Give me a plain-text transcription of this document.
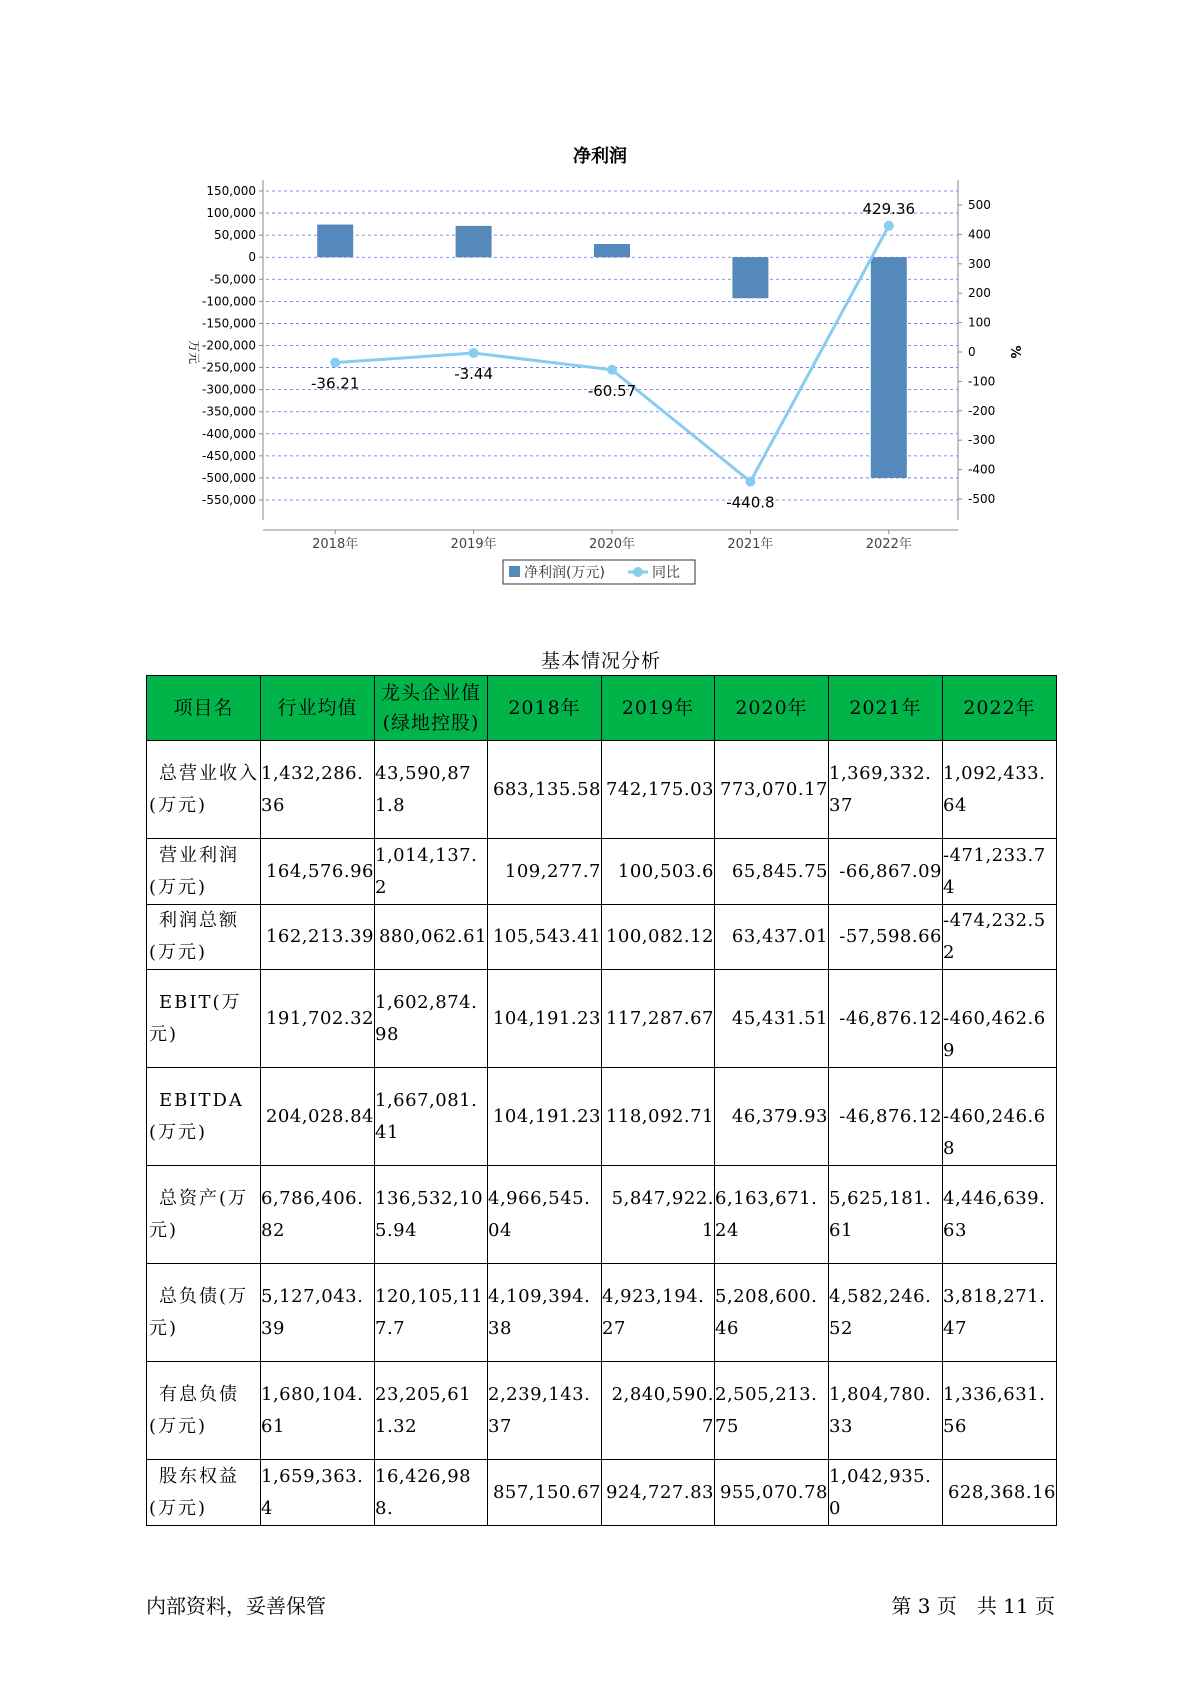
净利润
150,000
100,000
50,000
0
-50,000
-100,000
-150,000
-200,000
-250,000
-300,000
-350,000
-400,000
-450,000
-500,000
-550,000
500
400
300
200
100
0
-100
-200
-300
-400
-500
-36.21
-3.44
-60.57
-440.8
429.36
2018年	2019年	2020年	2021年	2022年
万元	%
净利润(万元)	同比
基本情况分析
项目名	行业均值	龙头企业值(绿地控股)	2018年	2019年	2020年	2021年	2022年
总营业收入(万元)	1,432,286.36	43,590,871.8	683,135.58	742,175.03	773,070.17	1,369,332.37	1,092,433.64
营业利润(万元)	164,576.96	1,014,137.2	109,277.7	100,503.6	65,845.75	-66,867.09	-471,233.74
利润总额(万元)	162,213.39	880,062.61	105,543.41	100,082.12	63,437.01	-57,598.66	-474,232.52
EBIT(万元)	191,702.32	1,602,874.98	104,191.23	117,287.67	45,431.51	-46,876.12	-460,462.69
EBITDA(万元)	204,028.84	1,667,081.41	104,191.23	118,092.71	46,379.93	-46,876.12	-460,246.68
总资产(万元)	6,786,406.82	136,532,105.94	4,966,545.04	5,847,922.1	6,163,671.24	5,625,181.61	4,446,639.63
总负债(万元)	5,127,043.39	120,105,117.7	4,109,394.38	4,923,194.27	5,208,600.46	4,582,246.52	3,818,271.47
有息负债(万元)	1,680,104.61	23,205,611.32	2,239,143.37	2,840,590.7	2,505,213.75	1,804,780.33	1,336,631.56
股东权益(万元)	1,659,363.4	16,426,988.	857,150.67	924,727.83	955,070.78	1,042,935.0	628,368.16
内部资料，妥善保管	第 3 页　共 11 页
